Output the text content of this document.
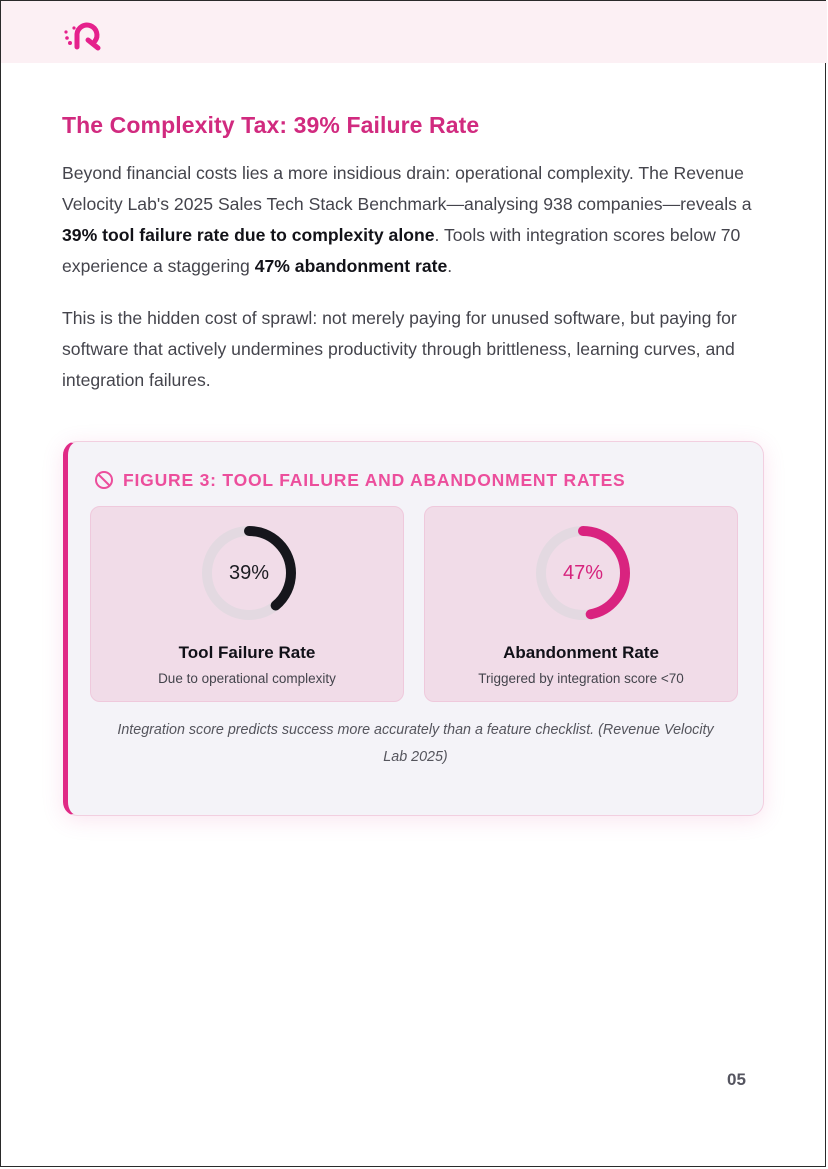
The Complexity Tax: 39% Failure Rate

Beyond financial costs lies a more insidious drain: operational complexity. The Revenue Velocity Lab's 2025 Sales Tech Stack Benchmark—analysing 938 companies—reveals a 39% tool failure rate due to complexity alone. Tools with integration scores below 70 experience a staggering 47% abandonment rate.

This is the hidden cost of sprawl: not merely paying for unused software, but paying for software that actively undermines productivity through brittleness, learning curves, and integration failures.

FIGURE 3: TOOL FAILURE AND ABANDONMENT RATES
39%
Tool Failure Rate
Due to operational complexity
47%
Abandonment Rate
Triggered by integration score <70
Integration score predicts success more accurately than a feature checklist. (Revenue Velocity Lab 2025)
05
